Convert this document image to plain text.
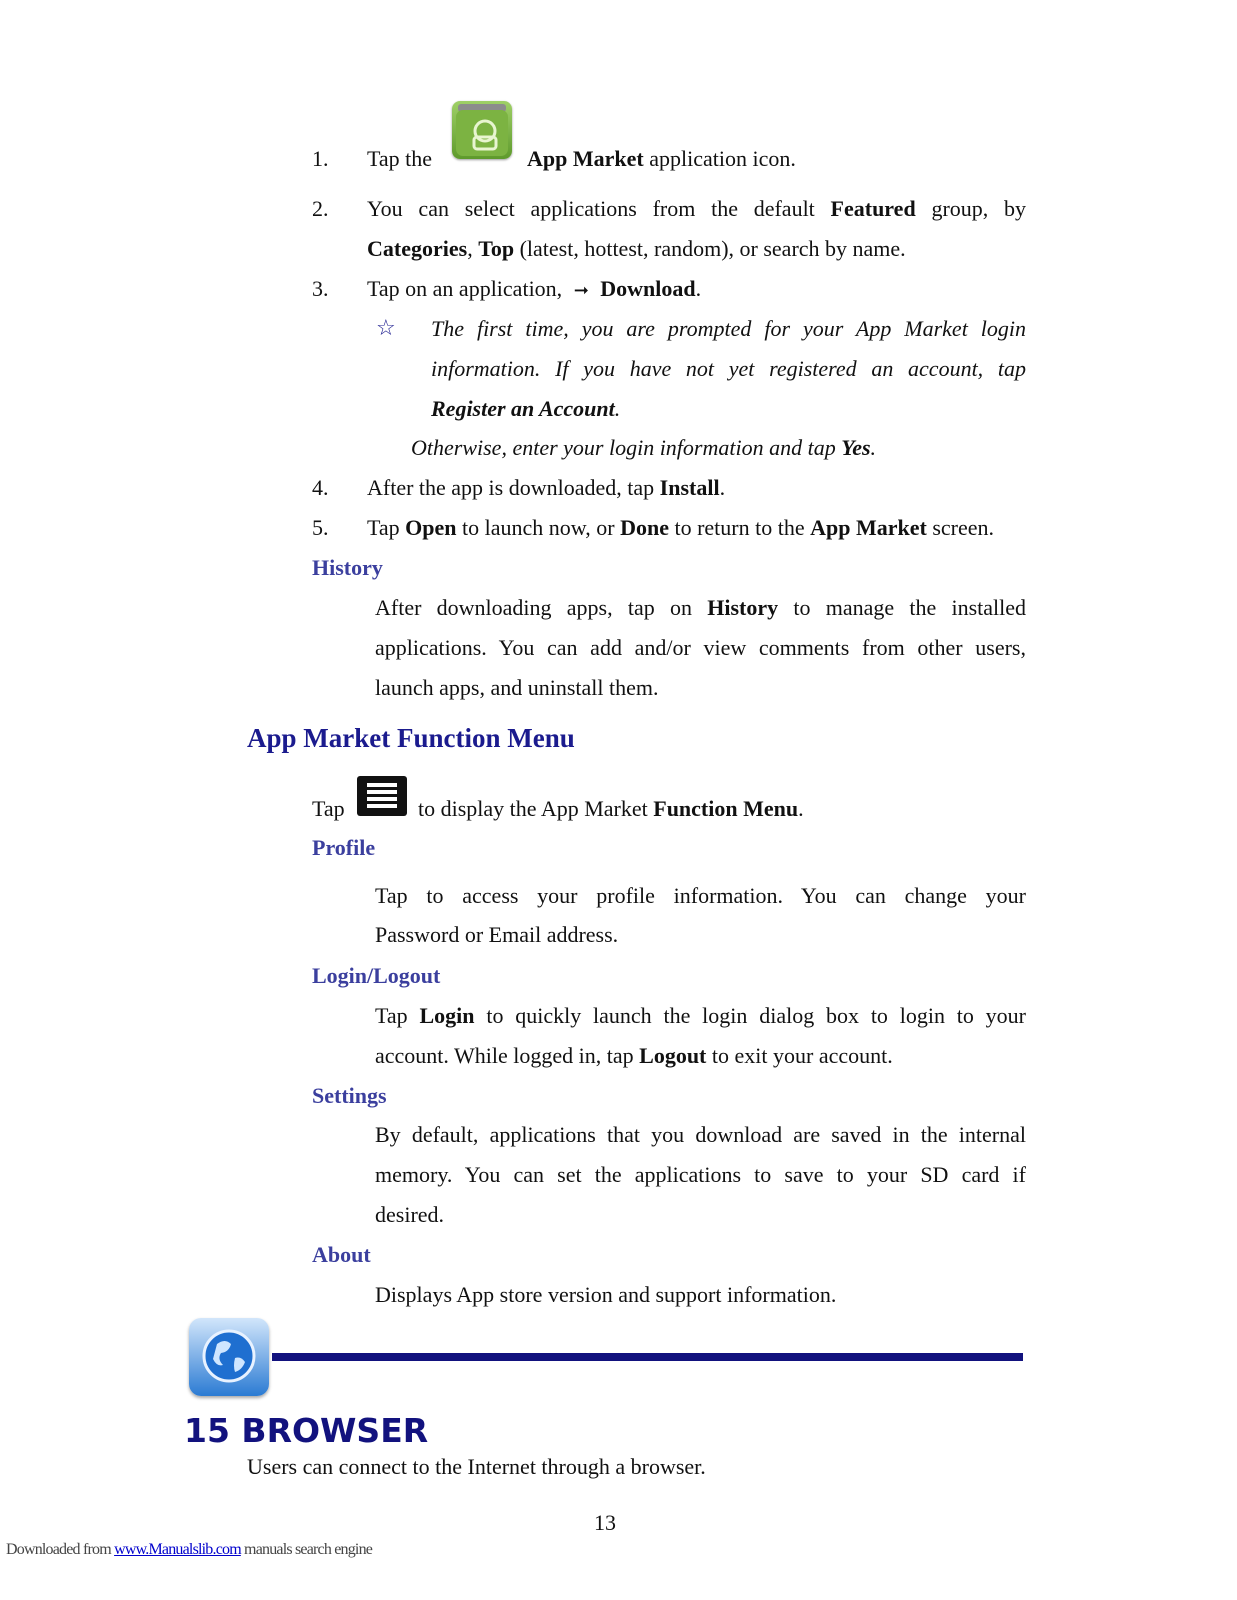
1. Tap the	App Market application icon.
2. You can select applications from the default Featured group, by
Categories, Top (latest, hottest, random), or search by name.
3. Tap on an application, ➞ Download.
☆ The first time, you are prompted for your App Market login
information. If you have not yet registered an account, tap
Register an Account.
Otherwise, enter your login information and tap Yes.
4. After the app is downloaded, tap Install.
5. Tap Open to launch now, or Done to return to the App Market screen.
History
After downloading apps, tap on History to manage the installed
applications. You can add and/or view comments from other users,
launch apps, and uninstall them.
App Market Function Menu
Tap	to display the App Market Function Menu.
Profile
Tap to access your profile information. You can change your
Password or Email address.
Login/Logout
Tap Login to quickly launch the login dialog box to login to your
account. While logged in, tap Logout to exit your account.
Settings
By default, applications that you download are saved in the internal
memory. You can set the applications to save to your SD card if
desired.
About
Displays App store version and support information.
15 BROWSER
Users can connect to the Internet through a browser.
13
Downloaded from www.Manualslib.com manuals search engine
